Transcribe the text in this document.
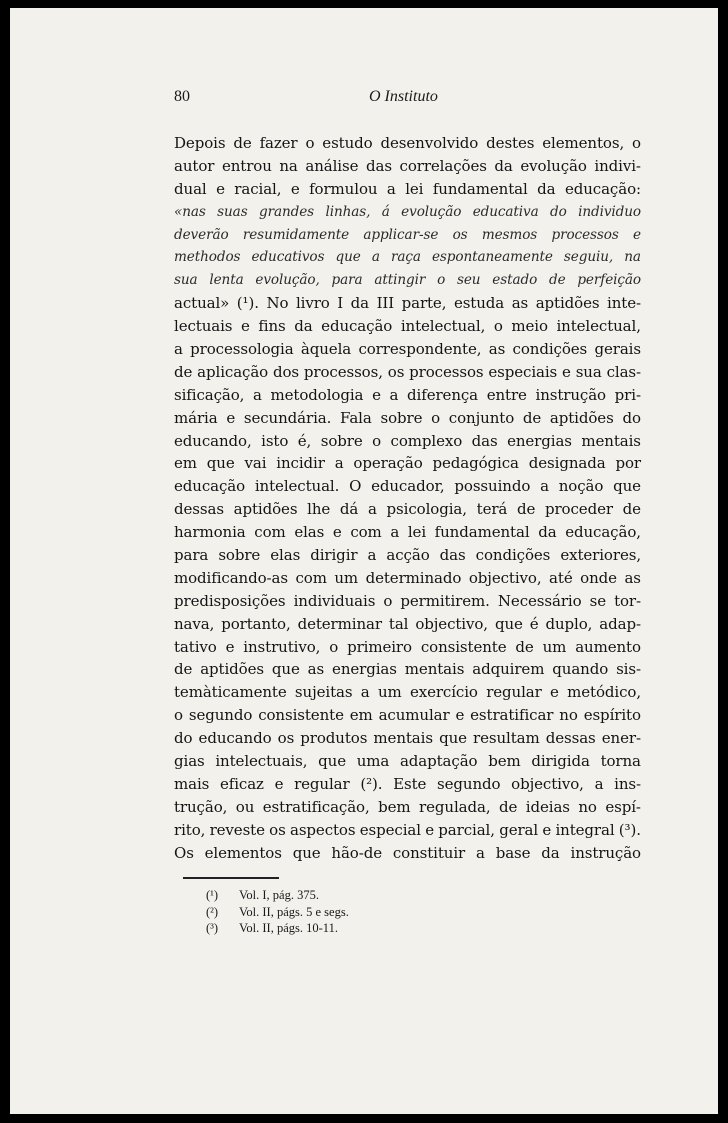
80	O Instituto
Depois de fazer o estudo desenvolvido destes elementos, o
autor entrou na análise das correlações da evolução indivi-
dual e racial, e formulou a lei fundamental da educação:
«nas suas grandes linhas, á evolução educativa do individuo
deverão resumidamente applicar-se os mesmos processos e
methodos educativos que a raça espontaneamente seguiu, na
sua lenta evolução, para attingir o seu estado de perfeição
actual» (¹). No livro I da III parte, estuda as aptidões inte-
lectuais e fins da educação intelectual, o meio intelectual,
a processologia àquela correspondente, as condições gerais
de aplicação dos processos, os processos especiais e sua clas-
sificação, a metodologia e a diferença entre instrução pri-
mária e secundária. Fala sobre o conjunto de aptidões do
educando, isto é, sobre o complexo das energias mentais
em que vai incidir a operação pedagógica designada por
educação intelectual. O educador, possuindo a noção que
dessas aptidões lhe dá a psicologia, terá de proceder de
harmonia com elas e com a lei fundamental da educação,
para sobre elas dirigir a acção das condições exteriores,
modificando-as com um determinado objectivo, até onde as
predisposições individuais o permitirem. Necessário se tor-
nava, portanto, determinar tal objectivo, que é duplo, adap-
tativo e instrutivo, o primeiro consistente de um aumento
de aptidões que as energias mentais adquirem quando sis-
temàticamente sujeitas a um exercício regular e metódico,
o segundo consistente em acumular e estratificar no espírito
do educando os produtos mentais que resultam dessas ener-
gias intelectuais, que uma adaptação bem dirigida torna
mais eficaz e regular (²). Este segundo objectivo, a ins-
trução, ou estratificação, bem regulada, de ideias no espí-
rito, reveste os aspectos especial e parcial, geral e integral (³).
Os elementos que hão-de constituir a base da instrução
(¹) Vol. I, pág. 375.
(²) Vol. II, págs. 5 e segs.
(³) Vol. II, págs. 10-11.
